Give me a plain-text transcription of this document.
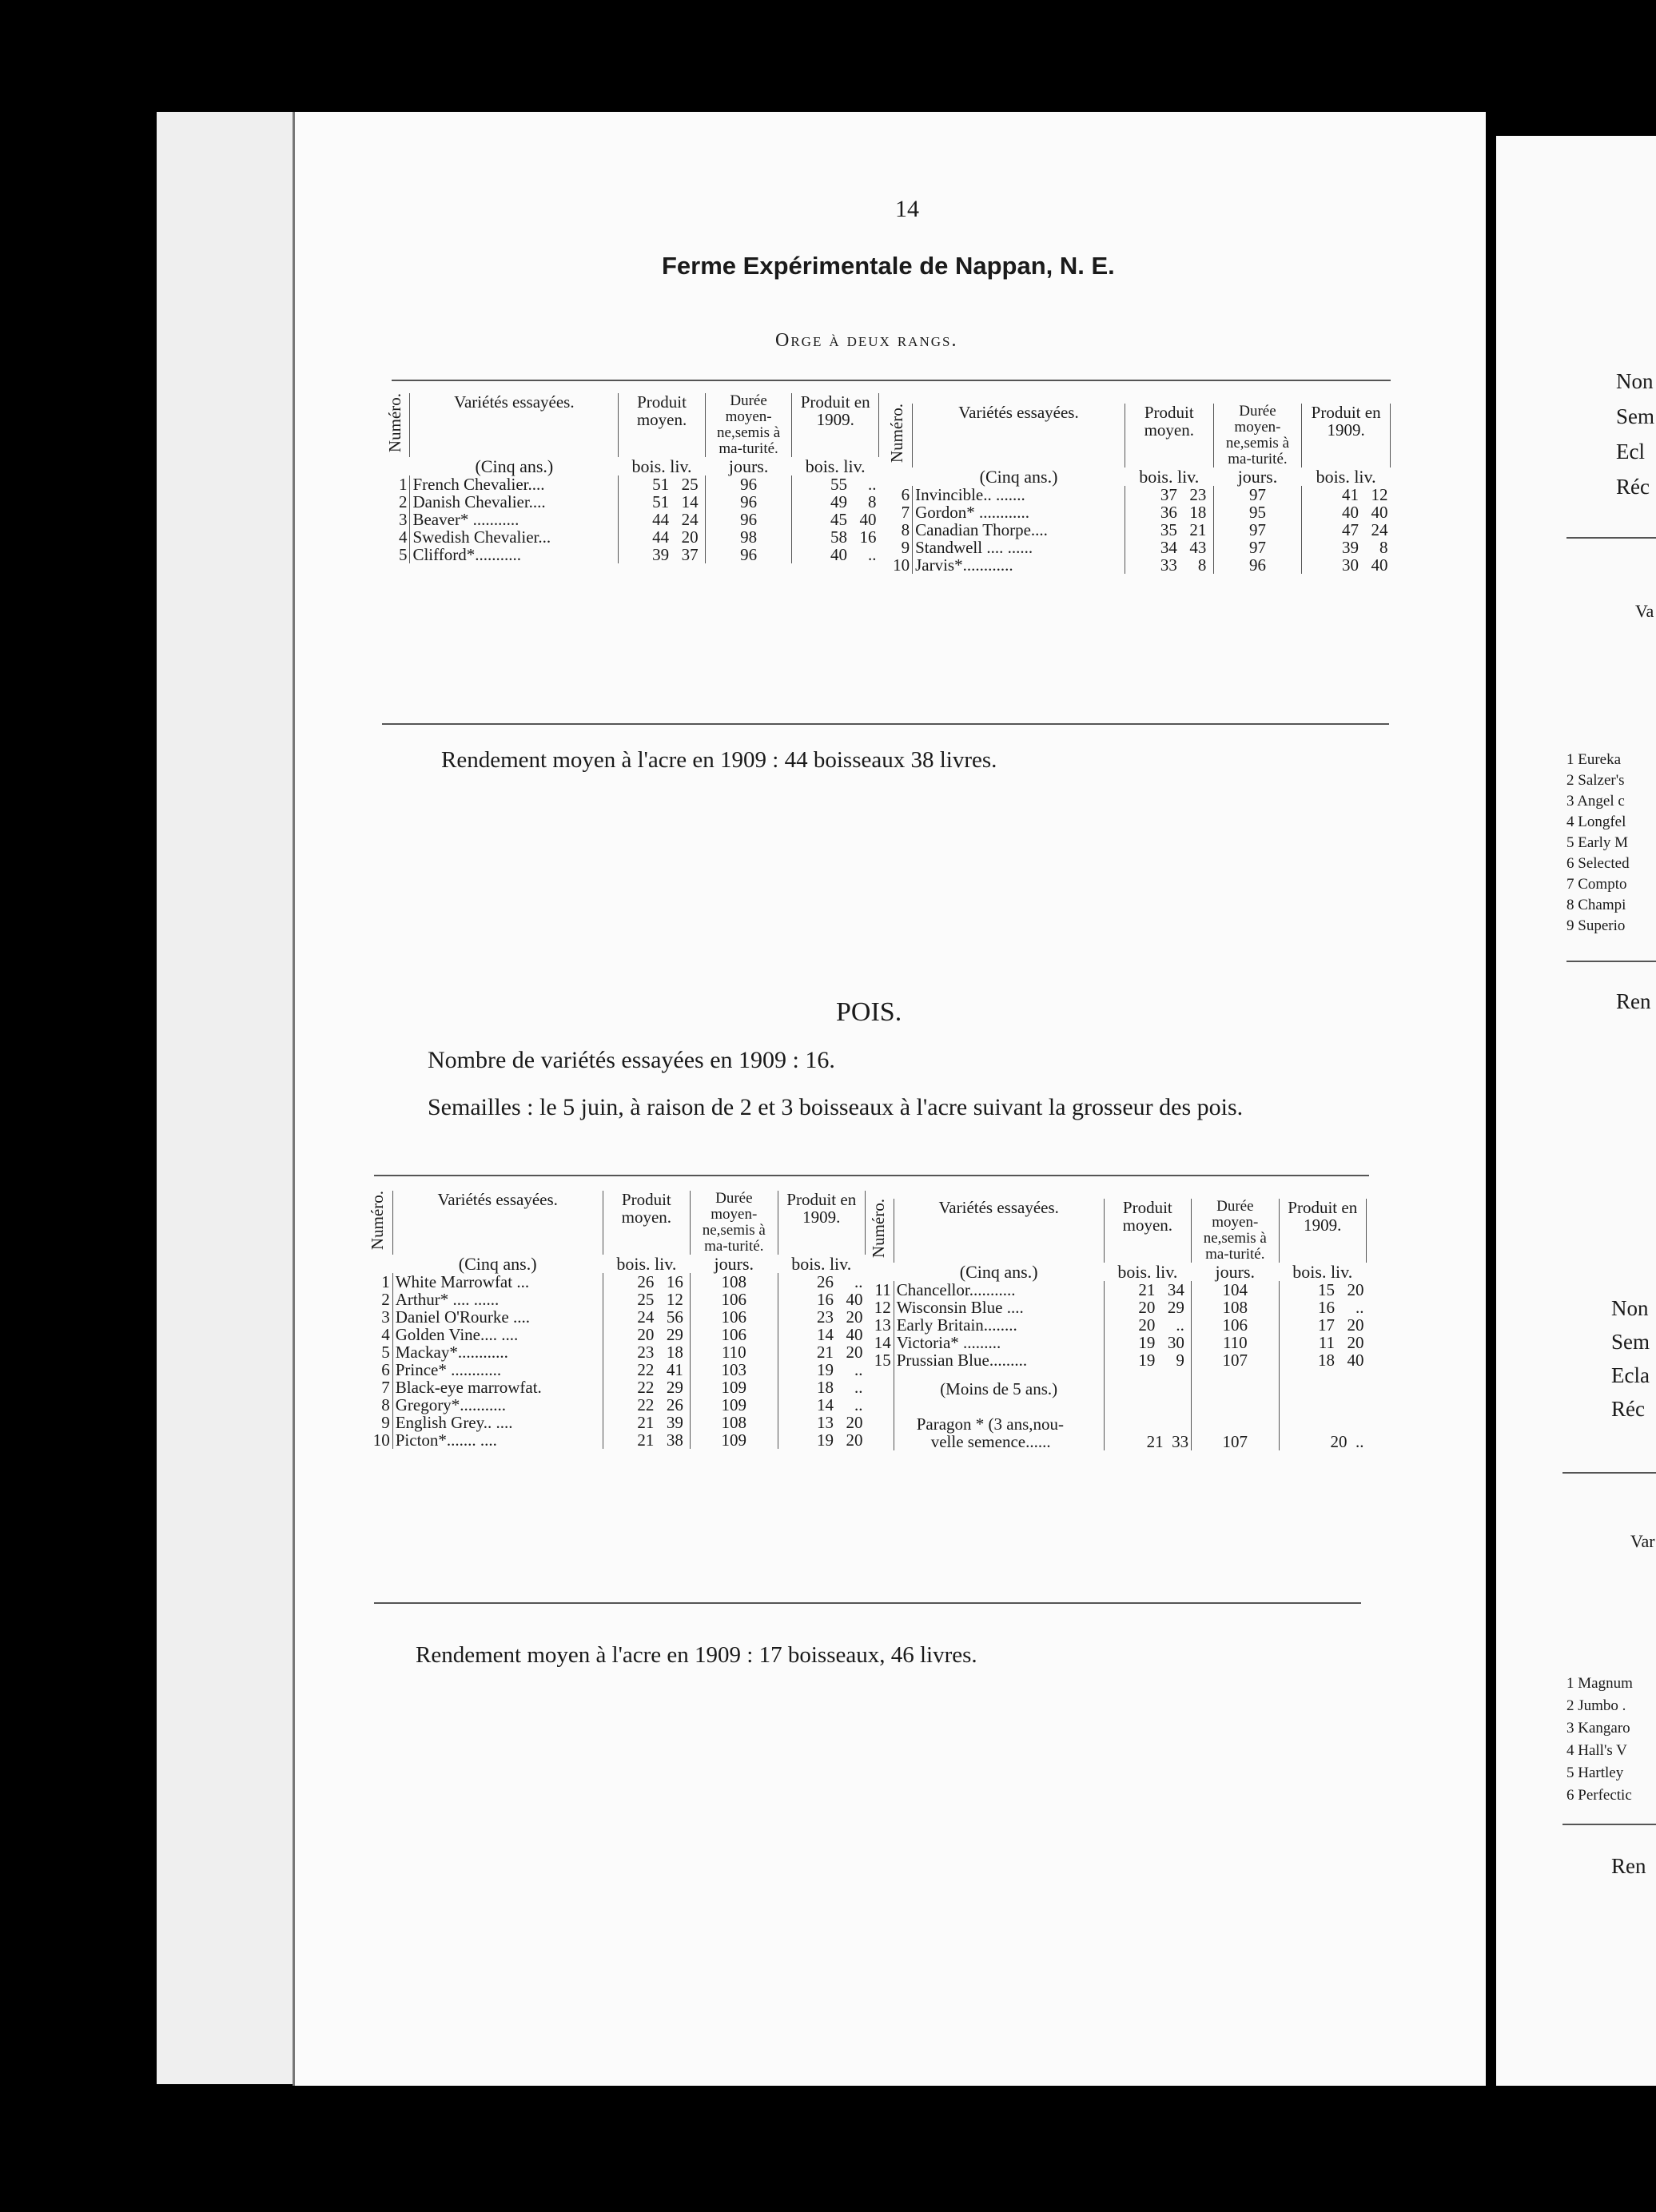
14
Ferme Expérimentale de Nappan, N. E.
Orge à deux rangs.
Numéro.	Variétés essayées.	Produit moyen.	Durée moyen-ne,semis à ma-turité.	Produit en 1909.
	(Cinq ans.)	bois. liv.	jours.	bois. liv.
1	French Chevalier....	51 25	96	55 ..
2	Danish Chevalier....	51 14	96	49 8
3	Beaver* ...........	44 24	96	45 40
4	Swedish Chevalier...	44 20	98	58 16
5	Clifford*...........	39 37	96	40 ..
Numéro.	Variétés essayées.	Produit moyen.	Durée moyen-ne,semis à ma-turité.	Produit en 1909.
	(Cinq ans.)	bois. liv.	jours.	bois. liv.
6	Invincible.. .......	37 23	97	41 12
7	Gordon* ............	36 18	95	40 40
8	Canadian Thorpe....	35 21	97	47 24
9	Standwell .... ......	34 43	97	39 8
10	Jarvis*............	33 8	96	30 40
Rendement moyen à l'acre en 1909 : 44 boisseaux 38 livres.
POIS.
Nombre de variétés essayées en 1909 : 16.
Semailles : le 5 juin, à raison de 2 et 3 boisseaux à l'acre suivant la grosseur des pois.
Numéro.	Variétés essayées.	Produit moyen.	Durée moyen-ne,semis à ma-turité.	Produit en 1909.
	(Cinq ans.)	bois. liv.	jours.	bois. liv.
1	White Marrowfat ...	26 16	108	26 ..
2	Arthur* .... ......	25 12	106	16 40
3	Daniel O'Rourke ....	24 56	106	23 20
4	Golden Vine.... ....	20 29	106	14 40
5	Mackay*............	23 18	110	21 20
6	Prince* ............	22 41	103	19 ..
7	Black-eye marrowfat.	22 29	109	18 ..
8	Gregory*...........	22 26	109	14 ..
9	English Grey.. ....	21 39	108	13 20
10	Picton*....... ....	21 38	109	19 20
Numéro.	Variétés essayées.	Produit moyen.	Durée moyen-ne,semis à ma-turité.	Produit en 1909.
	(Cinq ans.)	bois. liv.	jours.	bois. liv.
11	Chancellor...........	21 34	104	15 20
12	Wisconsin Blue ....	20 29	108	16 ..
13	Early Britain........	20 ..	106	17 20
14	Victoria* .........	19 30	110	11 20
15	Prussian Blue.........	19 9	107	18 40
	(Moins de 5 ans.)			
	Paragon * (3 ans,nou-			
	velle semence......	21 33	107	20 ..
Rendement moyen à l'acre en 1909 : 17 boisseaux, 46 livres.
Non
Sem
Ecl
Réc
Va
1 Eureka
2 Salzer's
3 Angel c
4 Longfel
5 Early M
6 Selected
7 Compto
8 Champi
9 Superio
Ren
Non
Sem
Ecla
Réc
Var
1 Magnum
2 Jumbo .
3 Kangaro
4 Hall's V
5 Hartley
6 Perfectic
Ren
